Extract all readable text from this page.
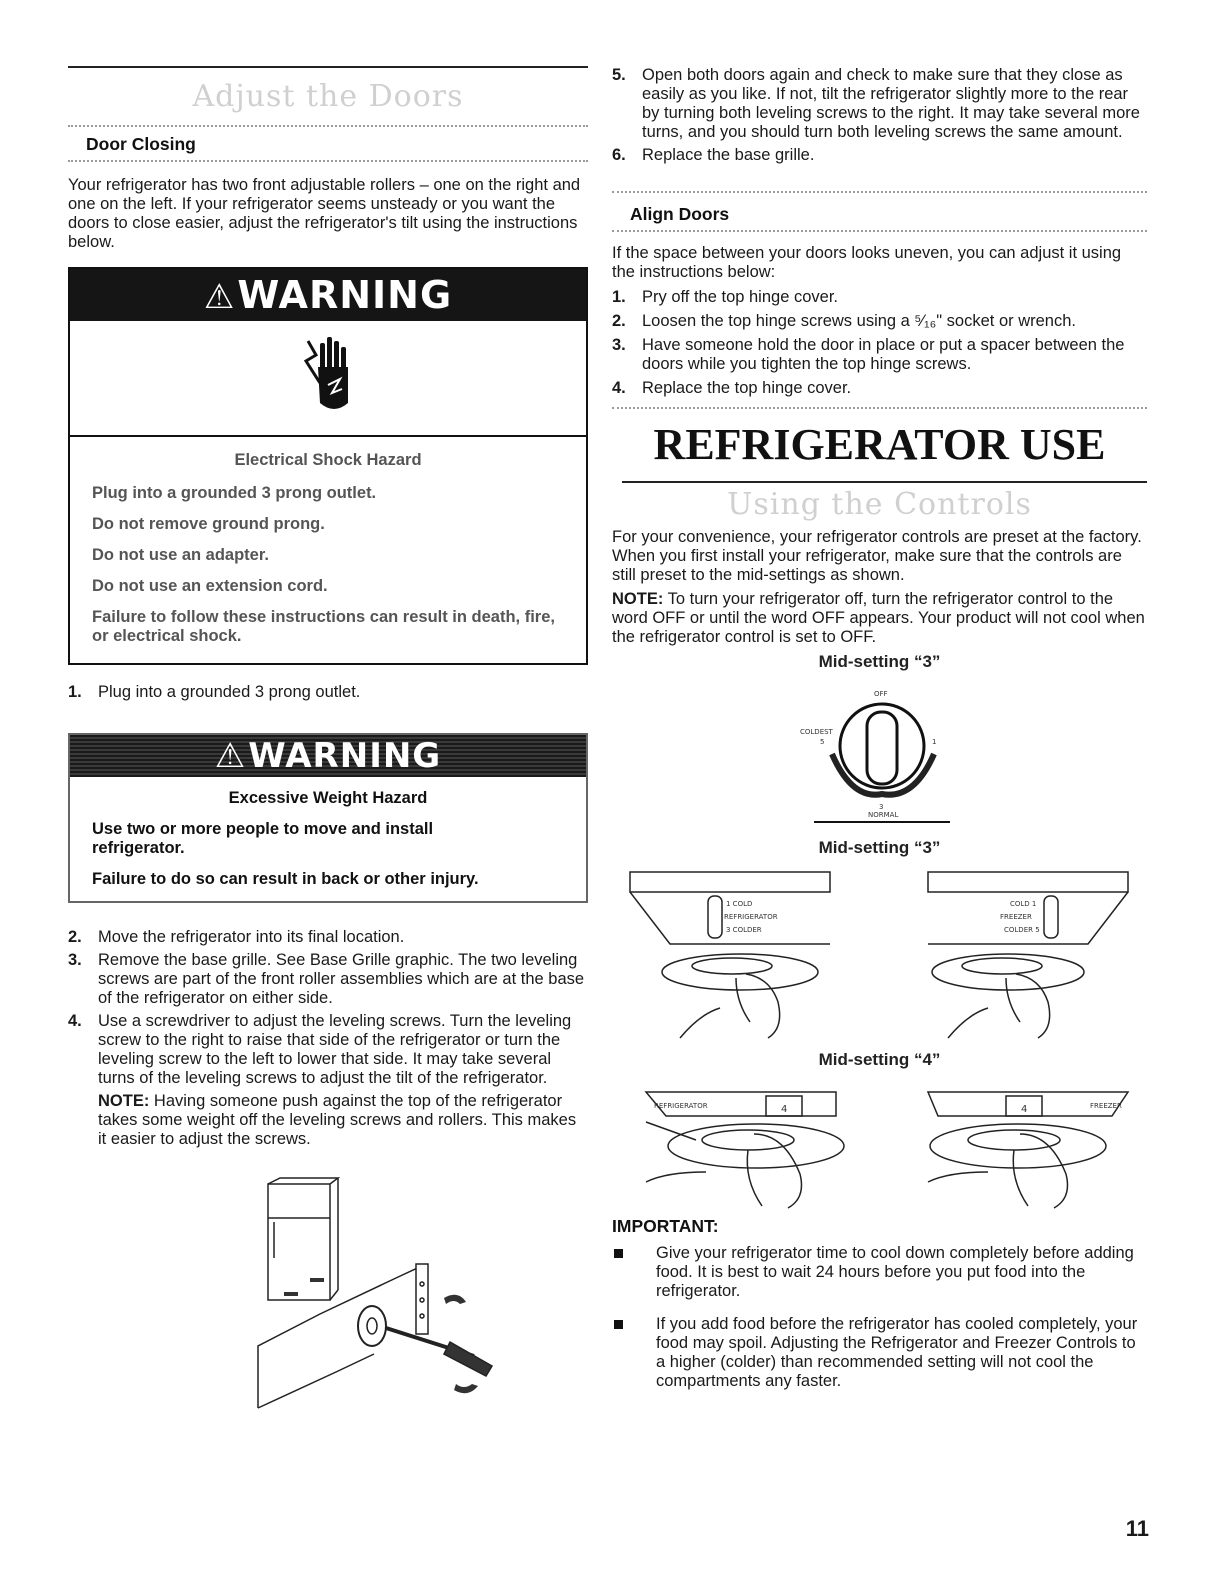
Adjust the Doors
Door Closing

Your refrigerator has two front adjustable rollers – one on the right and one on the left. If your refrigerator seems unsteady or you want the doors to close easier, adjust the refrigerator's tilt using the instructions below.

⚠WARNING

Electrical Shock Hazard

Plug into a grounded 3 prong outlet.

Do not remove ground prong.

Do not use an adapter.

Do not use an extension cord.

Failure to follow these instructions can result in death, fire, or electrical shock.

1. Plug into a grounded 3 prong outlet.
⚠WARNING

Excessive Weight Hazard

Use two or more people to move and install refrigerator.

Failure to do so can result in back or other injury.

2. Move the refrigerator into its final location.
3. Remove the base grille. See Base Grille graphic. The two leveling screws are part of the front roller assemblies which are at the base of the refrigerator on either side.
4. Use a screwdriver to adjust the leveling screws. Turn the leveling screw to the right to raise that side of the refrigerator or turn the leveling screw to the left to lower that side. It may take several turns of the leveling screws to adjust the tilt of the refrigerator.
NOTE: Having someone push against the top of the refrigerator takes some weight off the leveling screws and rollers. This makes it easier to adjust the screws.
5. Open both doors again and check to make sure that they close as easily as you like. If not, tilt the refrigerator slightly more to the rear by turning both leveling screws to the right. It may take several more turns, and you should turn both leveling screws the same amount.
6. Replace the base grille.
Align Doors

If the space between your doors looks uneven, you can adjust it using the instructions below:

1. Pry off the top hinge cover.
2. Loosen the top hinge screws using a ⁵⁄₁₆" socket or wrench.
3. Have someone hold the door in place or put a spacer between the doors while you tighten the top hinge screws.
4. Replace the top hinge cover.
REFRIGERATOR USE
Using the Controls

For your convenience, your refrigerator controls are preset at the factory. When you first install your refrigerator, make sure that the controls are still preset to the mid-settings as shown.

NOTE: To turn your refrigerator off, turn the refrigerator control to the word OFF or until the word OFF appears. Your product will not cool when the refrigerator control is set to OFF.

Mid-setting “3”
OFF
COLDEST
5	1
3
NORMAL
Mid-setting “3”
1 COLD
REFRIGERATOR
3 COLDER
COLD 1
FREEZER
COLDER 5
Mid-setting “4”
REFRIGERATOR	4	FREEZER
4
IMPORTANT:
Give your refrigerator time to cool down completely before adding food. It is best to wait 24 hours before you put food into the refrigerator.
If you add food before the refrigerator has cooled completely, your food may spoil. Adjusting the Refrigerator and Freezer Controls to a higher (colder) than recommended setting will not cool the compartments any faster.
11
